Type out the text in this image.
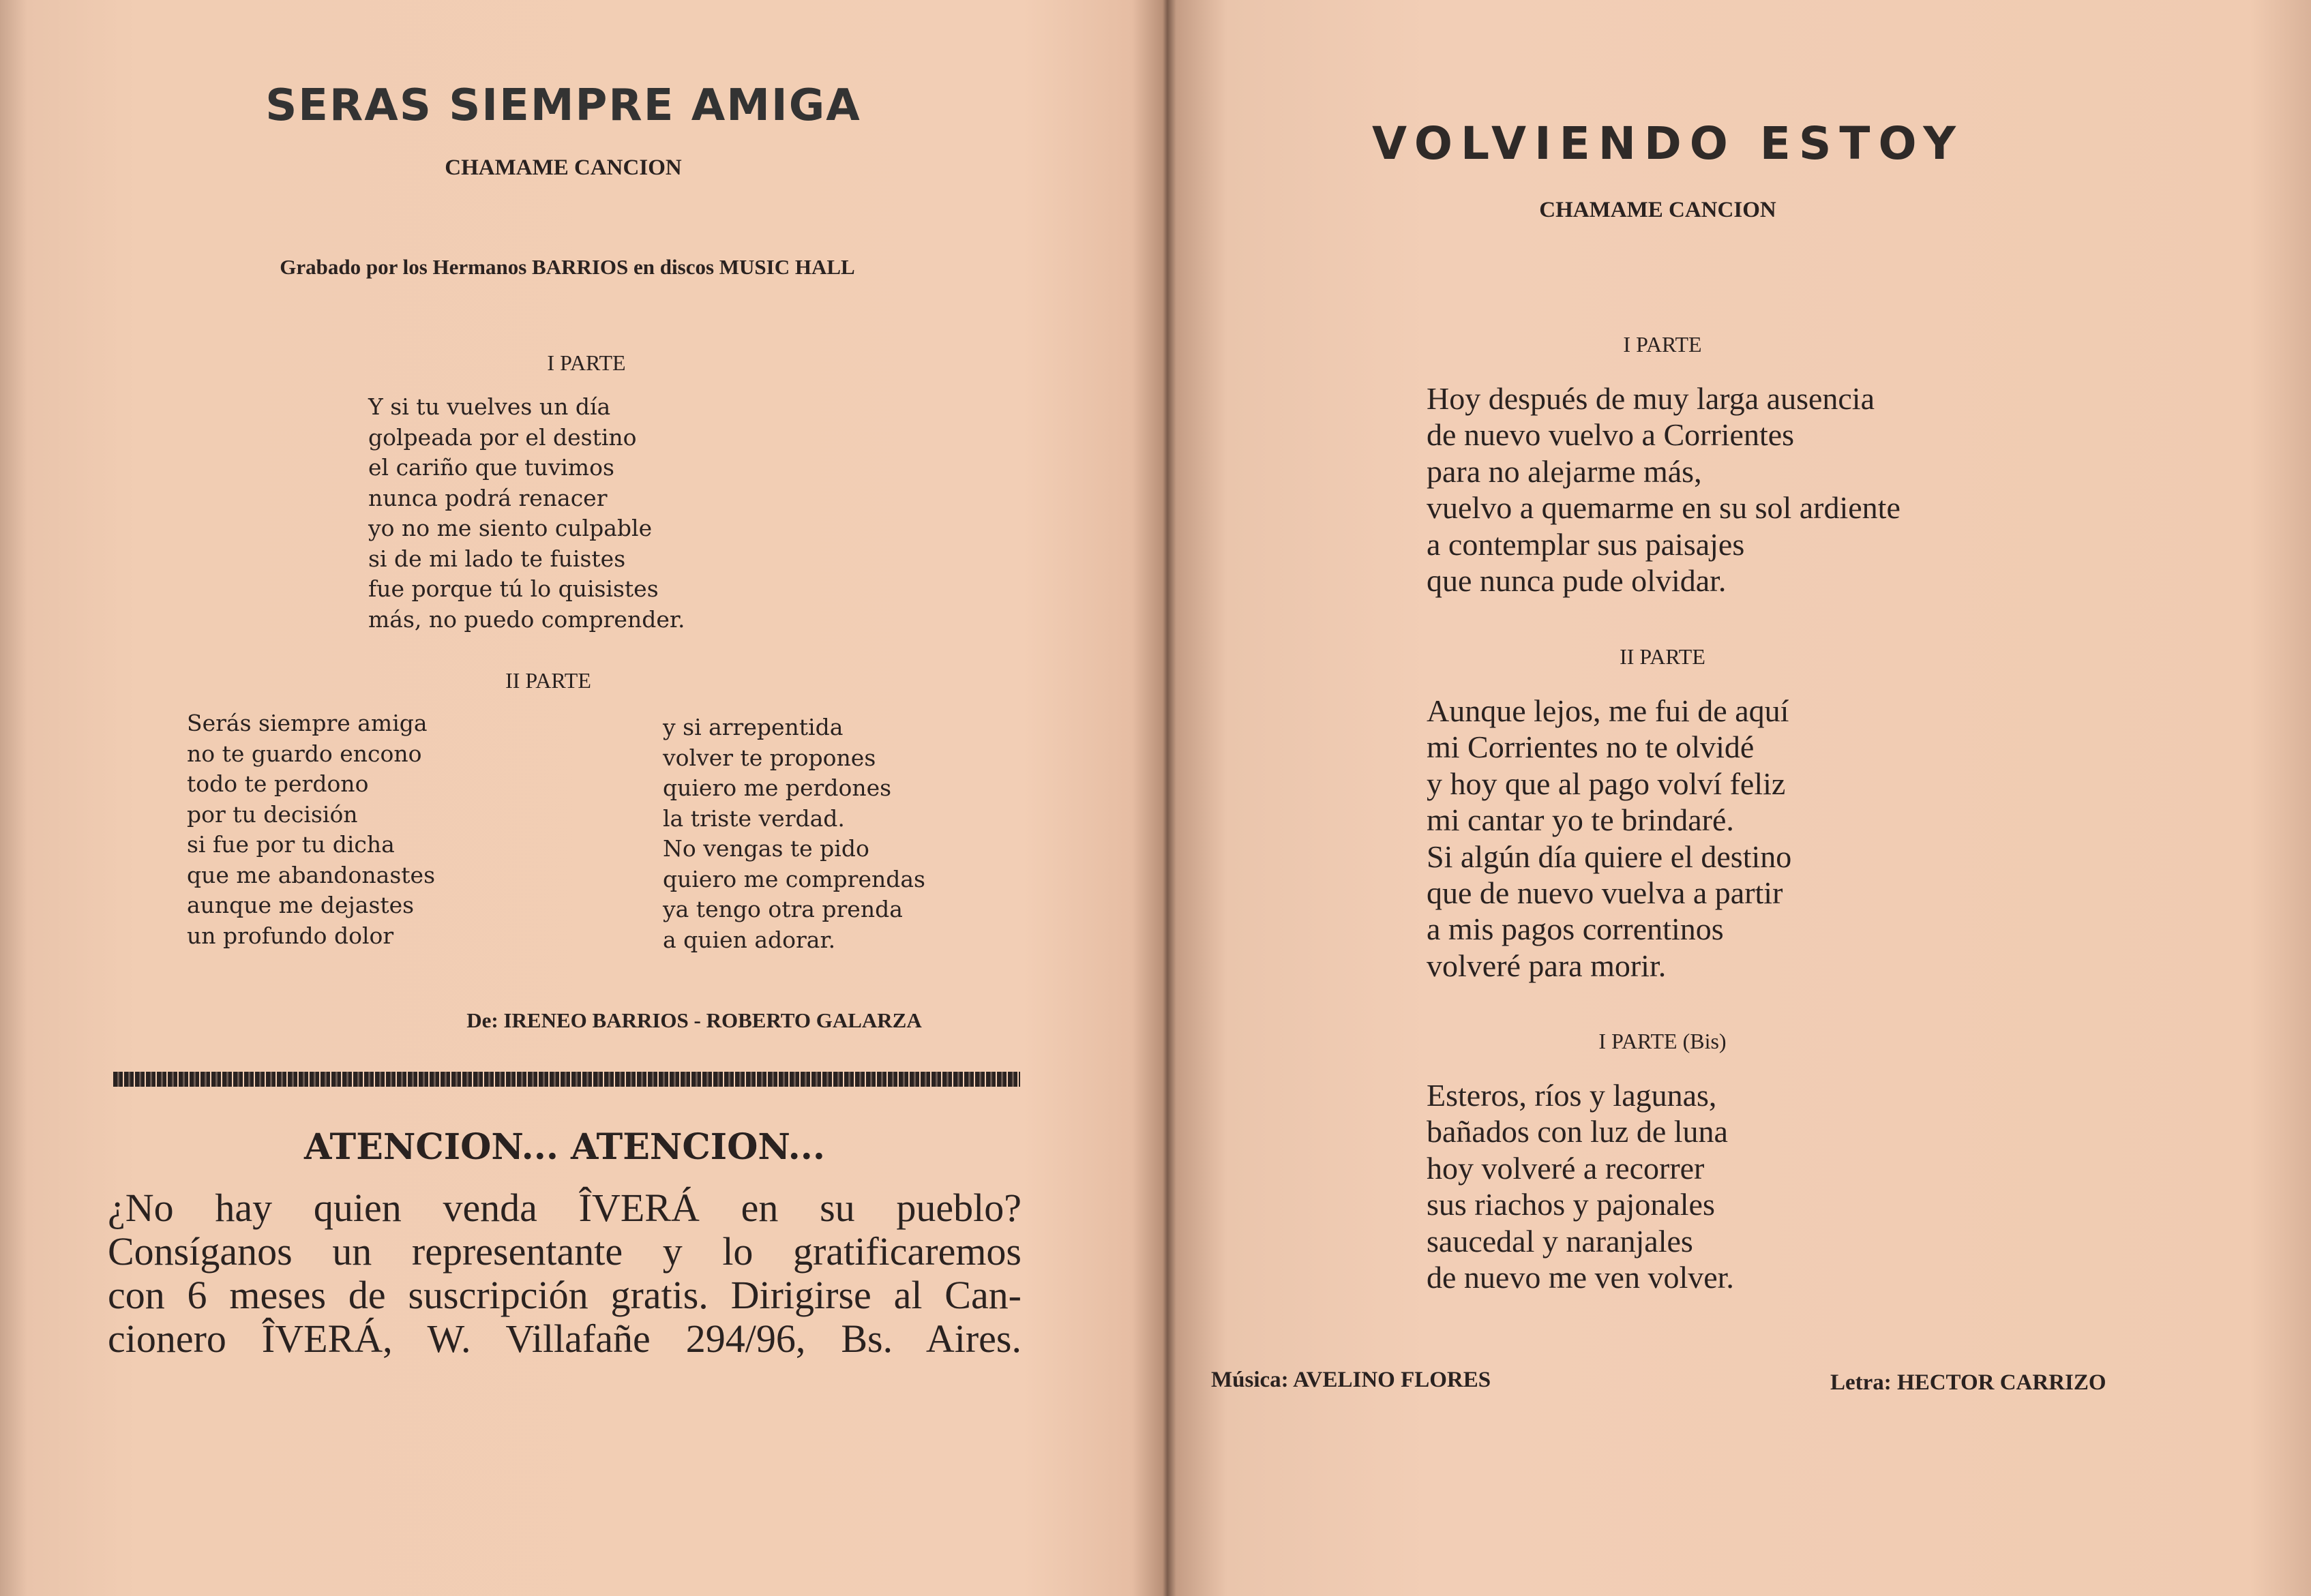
SERAS SIEMPRE AMIGA
CHAMAME CANCION
Grabado por los Hermanos BARRIOS en discos MUSIC HALL
I PARTE
Y si tu vuelves un día
golpeada por el destino
el cariño que tuvimos
nunca podrá renacer
yo no me siento culpable
si de mi lado te fuistes
fue porque tú lo quisistes
más, no puedo comprender.
II PARTE
Serás siempre amiga
no te guardo encono
todo te perdono
por tu decisión
si fue por tu dicha
que me abandonastes
aunque me dejastes
un profundo dolor
y si arrepentida
volver te propones
quiero me perdones
la triste verdad.
No vengas te pido
quiero me comprendas
ya tengo otra prenda
a quien adorar.
De: IRENEO BARRIOS - ROBERTO GALARZA
ATENCION... ATENCION...
¿No hay quien venda ÎVERÁ en su pueblo?
Consíganos un representante y lo gratificaremos
con 6 meses de suscripción gratis. Dirigirse al Can-
cionero ÎVERÁ, W. Villafañe 294/96, Bs. Aires.
VOLVIENDO ESTOY
CHAMAME CANCION
I PARTE
Hoy después de muy larga ausencia
de nuevo vuelvo a Corrientes
para no alejarme más,
vuelvo a quemarme en su sol ardiente
a contemplar sus paisajes
que nunca pude olvidar.
II PARTE
Aunque lejos, me fui de aquí
mi Corrientes no te olvidé
y hoy que al pago volví feliz
mi cantar yo te brindaré.
Si algún día quiere el destino
que de nuevo vuelva a partir
a mis pagos correntinos
volveré para morir.
I PARTE (Bis)
Esteros, ríos y lagunas,
bañados con luz de luna
hoy volveré a recorrer
sus riachos y pajonales
saucedal y naranjales
de nuevo me ven volver.
Música: AVELINO FLORES	Letra: HECTOR CARRIZO
